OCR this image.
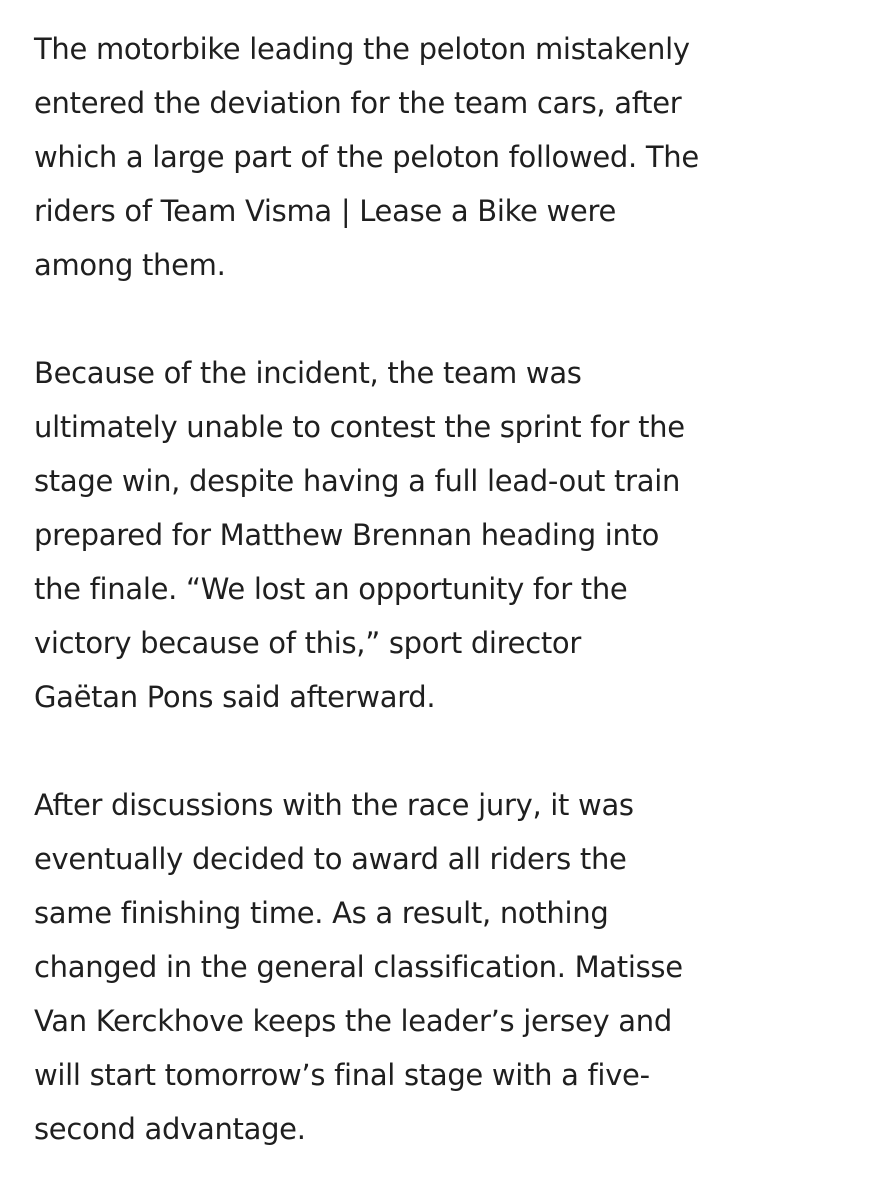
The motorbike leading the peloton mistakenly
entered the deviation for the team cars, after
which a large part of the peloton followed. The
riders of Team Visma | Lease a Bike were
among them.

Because of the incident, the team was
ultimately unable to contest the sprint for the
stage win, despite having a full lead-out train
prepared for Matthew Brennan heading into
the finale. “We lost an opportunity for the
victory because of this,” sport director
Gaëtan Pons said afterward.

After discussions with the race jury, it was
eventually decided to award all riders the
same finishing time. As a result, nothing
changed in the general classification. Matisse
Van Kerckhove keeps the leader’s jersey and
will start tomorrow’s final stage with a five-
second advantage.
